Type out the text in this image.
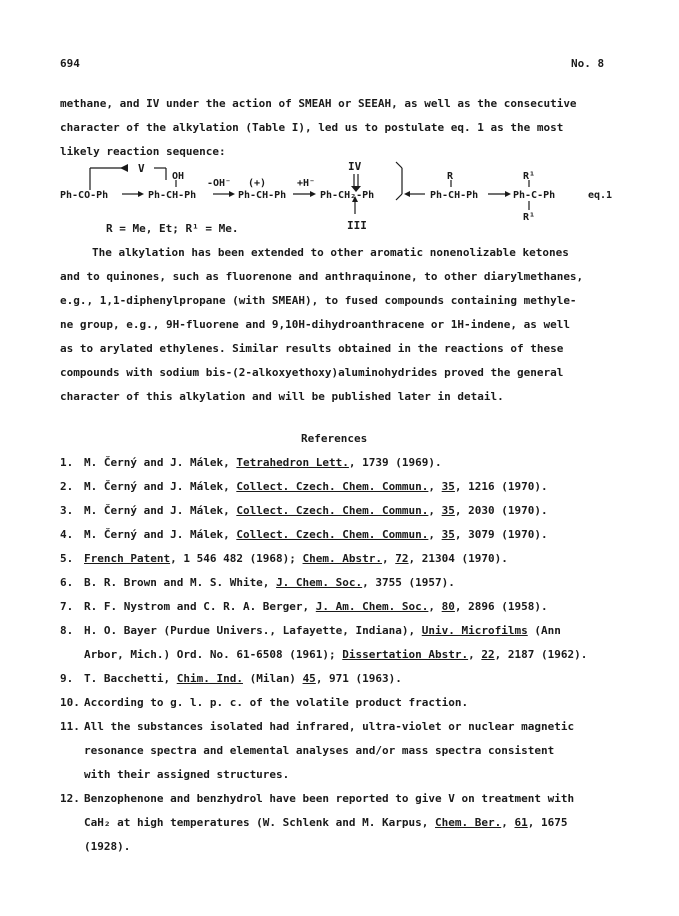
694	No. 8
methane, and IV under the action of SMEAH or SEEAH, as well as the consecutive
character of the alkylation (Table I), led us to postulate eq. 1 as the most
likely reaction sequence:
V
OH
-OH⁻ (+)	+H⁻
IV
III
R	R¹
R¹
Ph-CO-Ph	Ph-CH-Ph	Ph-CH-Ph	Ph-CH₂-Ph	Ph-CH-Ph	Ph-C-Ph	eq.1
R = Me, Et; R¹ = Me.
The alkylation has been extended to other aromatic nonenolizable ketones
and to quinones, such as fluorenone and anthraquinone, to other diarylmethanes,
e.g., 1,1-diphenylpropane (with SMEAH), to fused compounds containing methyle-
ne group, e.g., 9H-fluorene and 9,10H-dihydroanthracene or 1H-indene, as well
as to arylated ethylenes. Similar results obtained in the reactions of these
compounds with sodium bis-(2-alkoxyethoxy)aluminohydrides proved the general
character of this alkylation and will be published later in detail.
References
1. M. Černý and J. Málek, Tetrahedron Lett., 1739 (1969).
2. M. Černý and J. Málek, Collect. Czech. Chem. Commun., 35, 1216 (1970).
3. M. Černý and J. Málek, Collect. Czech. Chem. Commun., 35, 2030 (1970).
4. M. Černý and J. Málek, Collect. Czech. Chem. Commun., 35, 3079 (1970).
5. French Patent, 1 546 482 (1968); Chem. Abstr., 72, 21304 (1970).
6. B. R. Brown and M. S. White, J. Chem. Soc., 3755 (1957).
7. R. F. Nystrom and C. R. A. Berger, J. Am. Chem. Soc., 80, 2896 (1958).
8. H. O. Bayer (Purdue Univers., Lafayette, Indiana), Univ. Microfilms (Ann
Arbor, Mich.) Ord. No. 61-6508 (1961); Dissertation Abstr., 22, 2187 (1962).
9. T. Bacchetti, Chim. Ind. (Milan) 45, 971 (1963).
10. According to g. l. p. c. of the volatile product fraction.
11. All the substances isolated had infrared, ultra-violet or nuclear magnetic
resonance spectra and elemental analyses and/or mass spectra consistent
with their assigned structures.
12. Benzophenone and benzhydrol have been reported to give V on treatment with
CaH₂ at high temperatures (W. Schlenk and M. Karpus, Chem. Ber., 61, 1675
(1928).
